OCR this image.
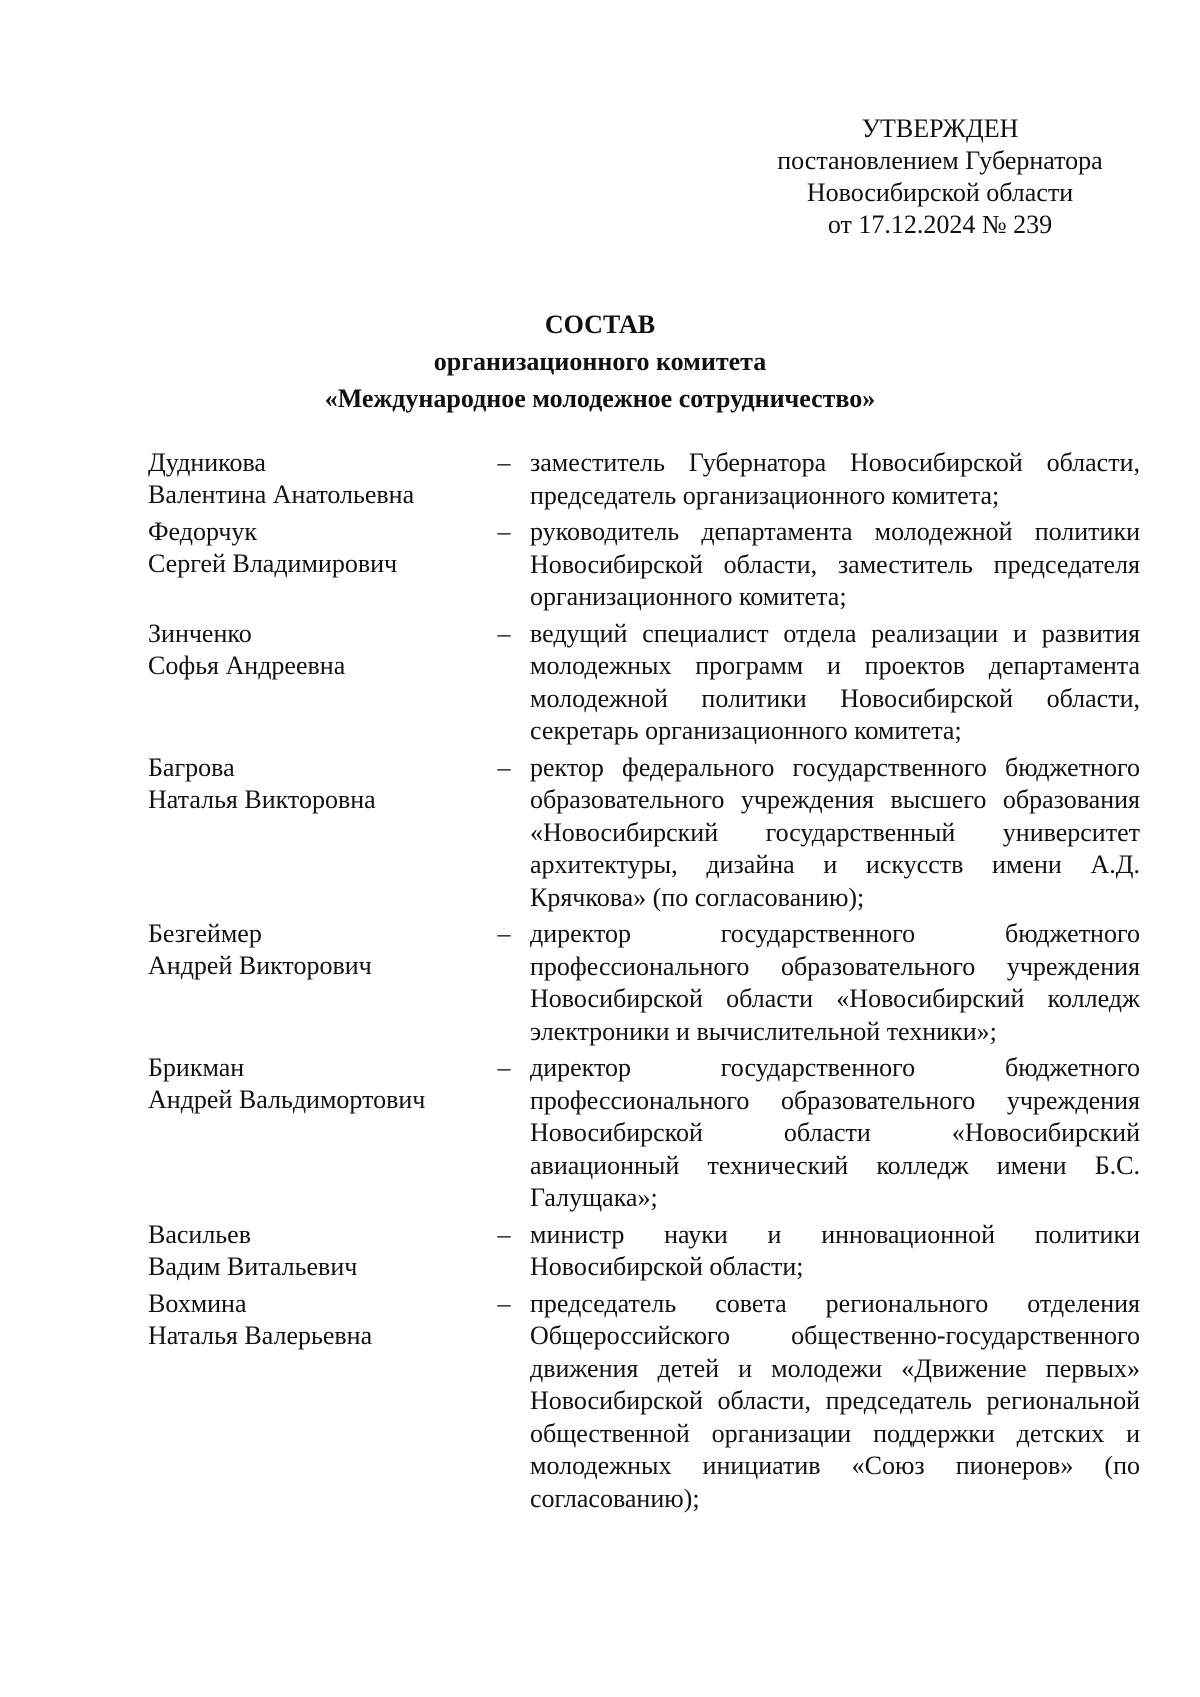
УТВЕРЖДЕН
постановлением Губернатора
Новосибирской области
от 17.12.2024 № 239
СОСТАВ
организационного комитета
«Международное молодежное сотрудничество»
Дудникова
Валентина Анатольевна
– заместитель Губернатора Новосибирской области, председатель организационного комитета;
Федорчук
Сергей Владимирович
– руководитель департамента молодежной политики Новосибирской области, заместитель председателя организационного комитета;
Зинченко
Софья Андреевна
– ведущий специалист отдела реализации и развития молодежных программ и проектов департамента молодежной политики Новосибирской области, секретарь организационного комитета;
Багрова
Наталья Викторовна
– ректор федерального государственного бюджетного образовательного учреждения высшего образования «Новосибирский государственный университет архитектуры, дизайна и искусств имени А.Д. Крячкова» (по согласованию);
Безгеймер
Андрей Викторович
– директор государственного бюджетного профессионального образовательного учреждения Новосибирской области «Новосибирский колледж электроники и вычислительной техники»;
Брикман
Андрей Вальдимортович
– директор государственного бюджетного профессионального образовательного учреждения Новосибирской области «Новосибирский авиационный технический колледж имени Б.С. Галущака»;
Васильев
Вадим Витальевич
– министр науки и инновационной политики Новосибирской области;
Вохмина
Наталья Валерьевна
– председатель совета регионального отделения Общероссийского общественно-государственного движения детей и молодежи «Движение первых» Новосибирской области, председатель региональной общественной организации поддержки детских и молодежных инициатив «Союз пионеров» (по согласованию);
